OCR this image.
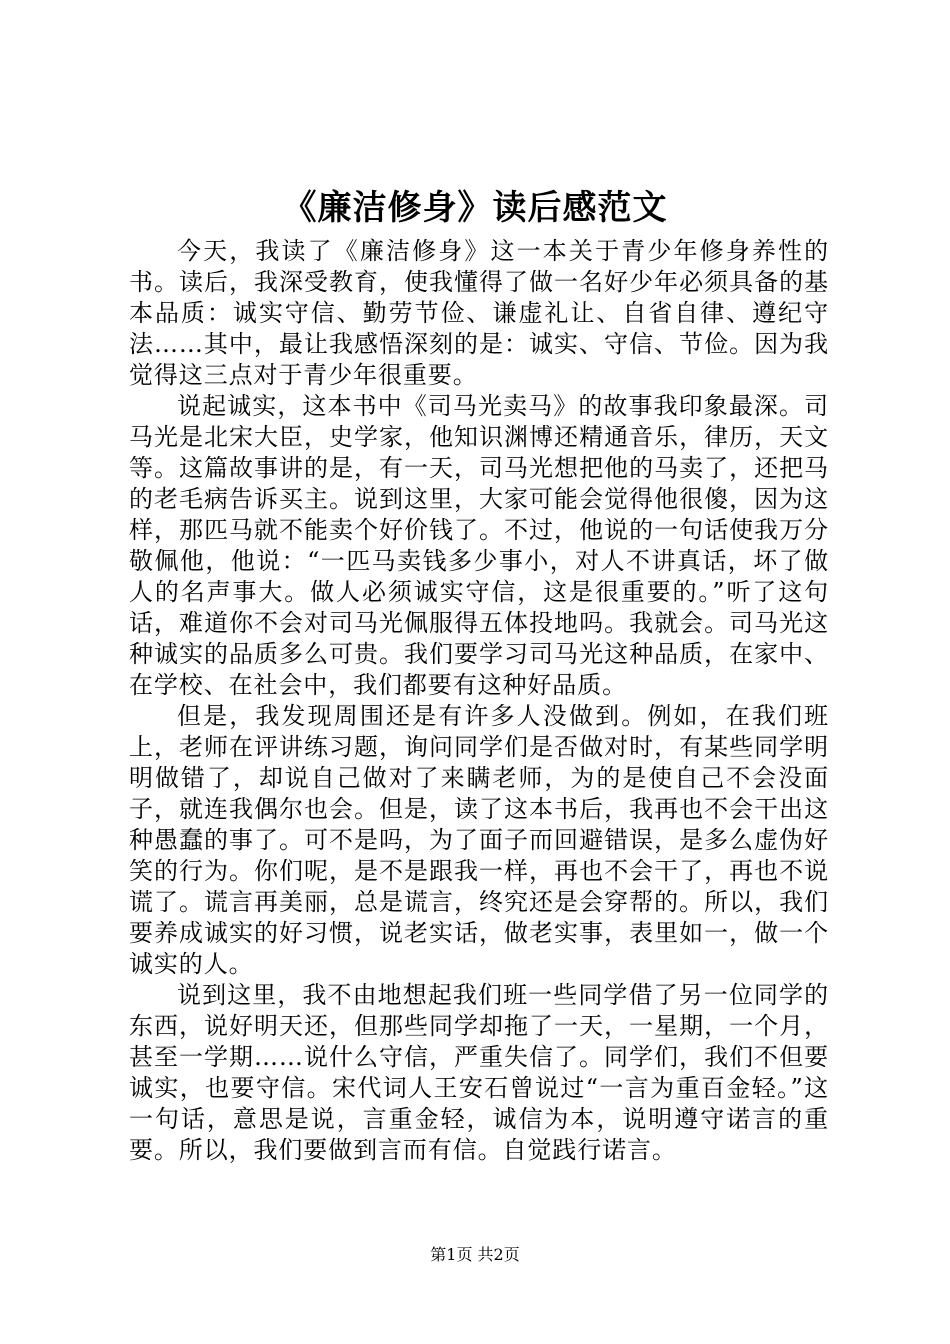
《廉洁修身》读后感范文

今天，我读了《廉洁修身》这一本关于青少年修身养性的书。读后，我深受教育，使我懂得了做一名好少年必须具备的基本品质：诚实守信、勤劳节俭、谦虚礼让、自省自律、遵纪守法……其中，最让我感悟深刻的是：诚实、守信、节俭。因为我觉得这三点对于青少年很重要。

说起诚实，这本书中《司马光卖马》的故事我印象最深。司马光是北宋大臣，史学家，他知识渊博还精通音乐，律历，天文等。这篇故事讲的是，有一天，司马光想把他的马卖了，还把马的老毛病告诉买主。说到这里，大家可能会觉得他很傻，因为这样，那匹马就不能卖个好价钱了。不过，他说的一句话使我万分敬佩他，他说：“一匹马卖钱多少事小，对人不讲真话，坏了做人的名声事大。做人必须诚实守信，这是很重要的。”听了这句话，难道你不会对司马光佩服得五体投地吗。我就会。司马光这种诚实的品质多么可贵。我们要学习司马光这种品质，在家中、在学校、在社会中，我们都要有这种好品质。

但是，我发现周围还是有许多人没做到。例如，在我们班上，老师在评讲练习题，询问同学们是否做对时，有某些同学明明做错了，却说自己做对了来瞒老师，为的是使自己不会没面子，就连我偶尔也会。但是，读了这本书后，我再也不会干出这种愚蠢的事了。可不是吗，为了面子而回避错误，是多么虚伪好笑的行为。你们呢，是不是跟我一样，再也不会干了，再也不说谎了。谎言再美丽，总是谎言，终究还是会穿帮的。所以，我们要养成诚实的好习惯，说老实话，做老实事，表里如一，做一个诚实的人。

说到这里，我不由地想起我们班一些同学借了另一位同学的东西，说好明天还，但那些同学却拖了一天，一星期，一个月，甚至一学期……说什么守信，严重失信了。同学们，我们不但要诚实，也要守信。宋代词人王安石曾说过“一言为重百金轻。”这一句话，意思是说，言重金轻，诚信为本，说明遵守诺言的重要。所以，我们要做到言而有信。自觉践行诺言。

第1页 共2页
